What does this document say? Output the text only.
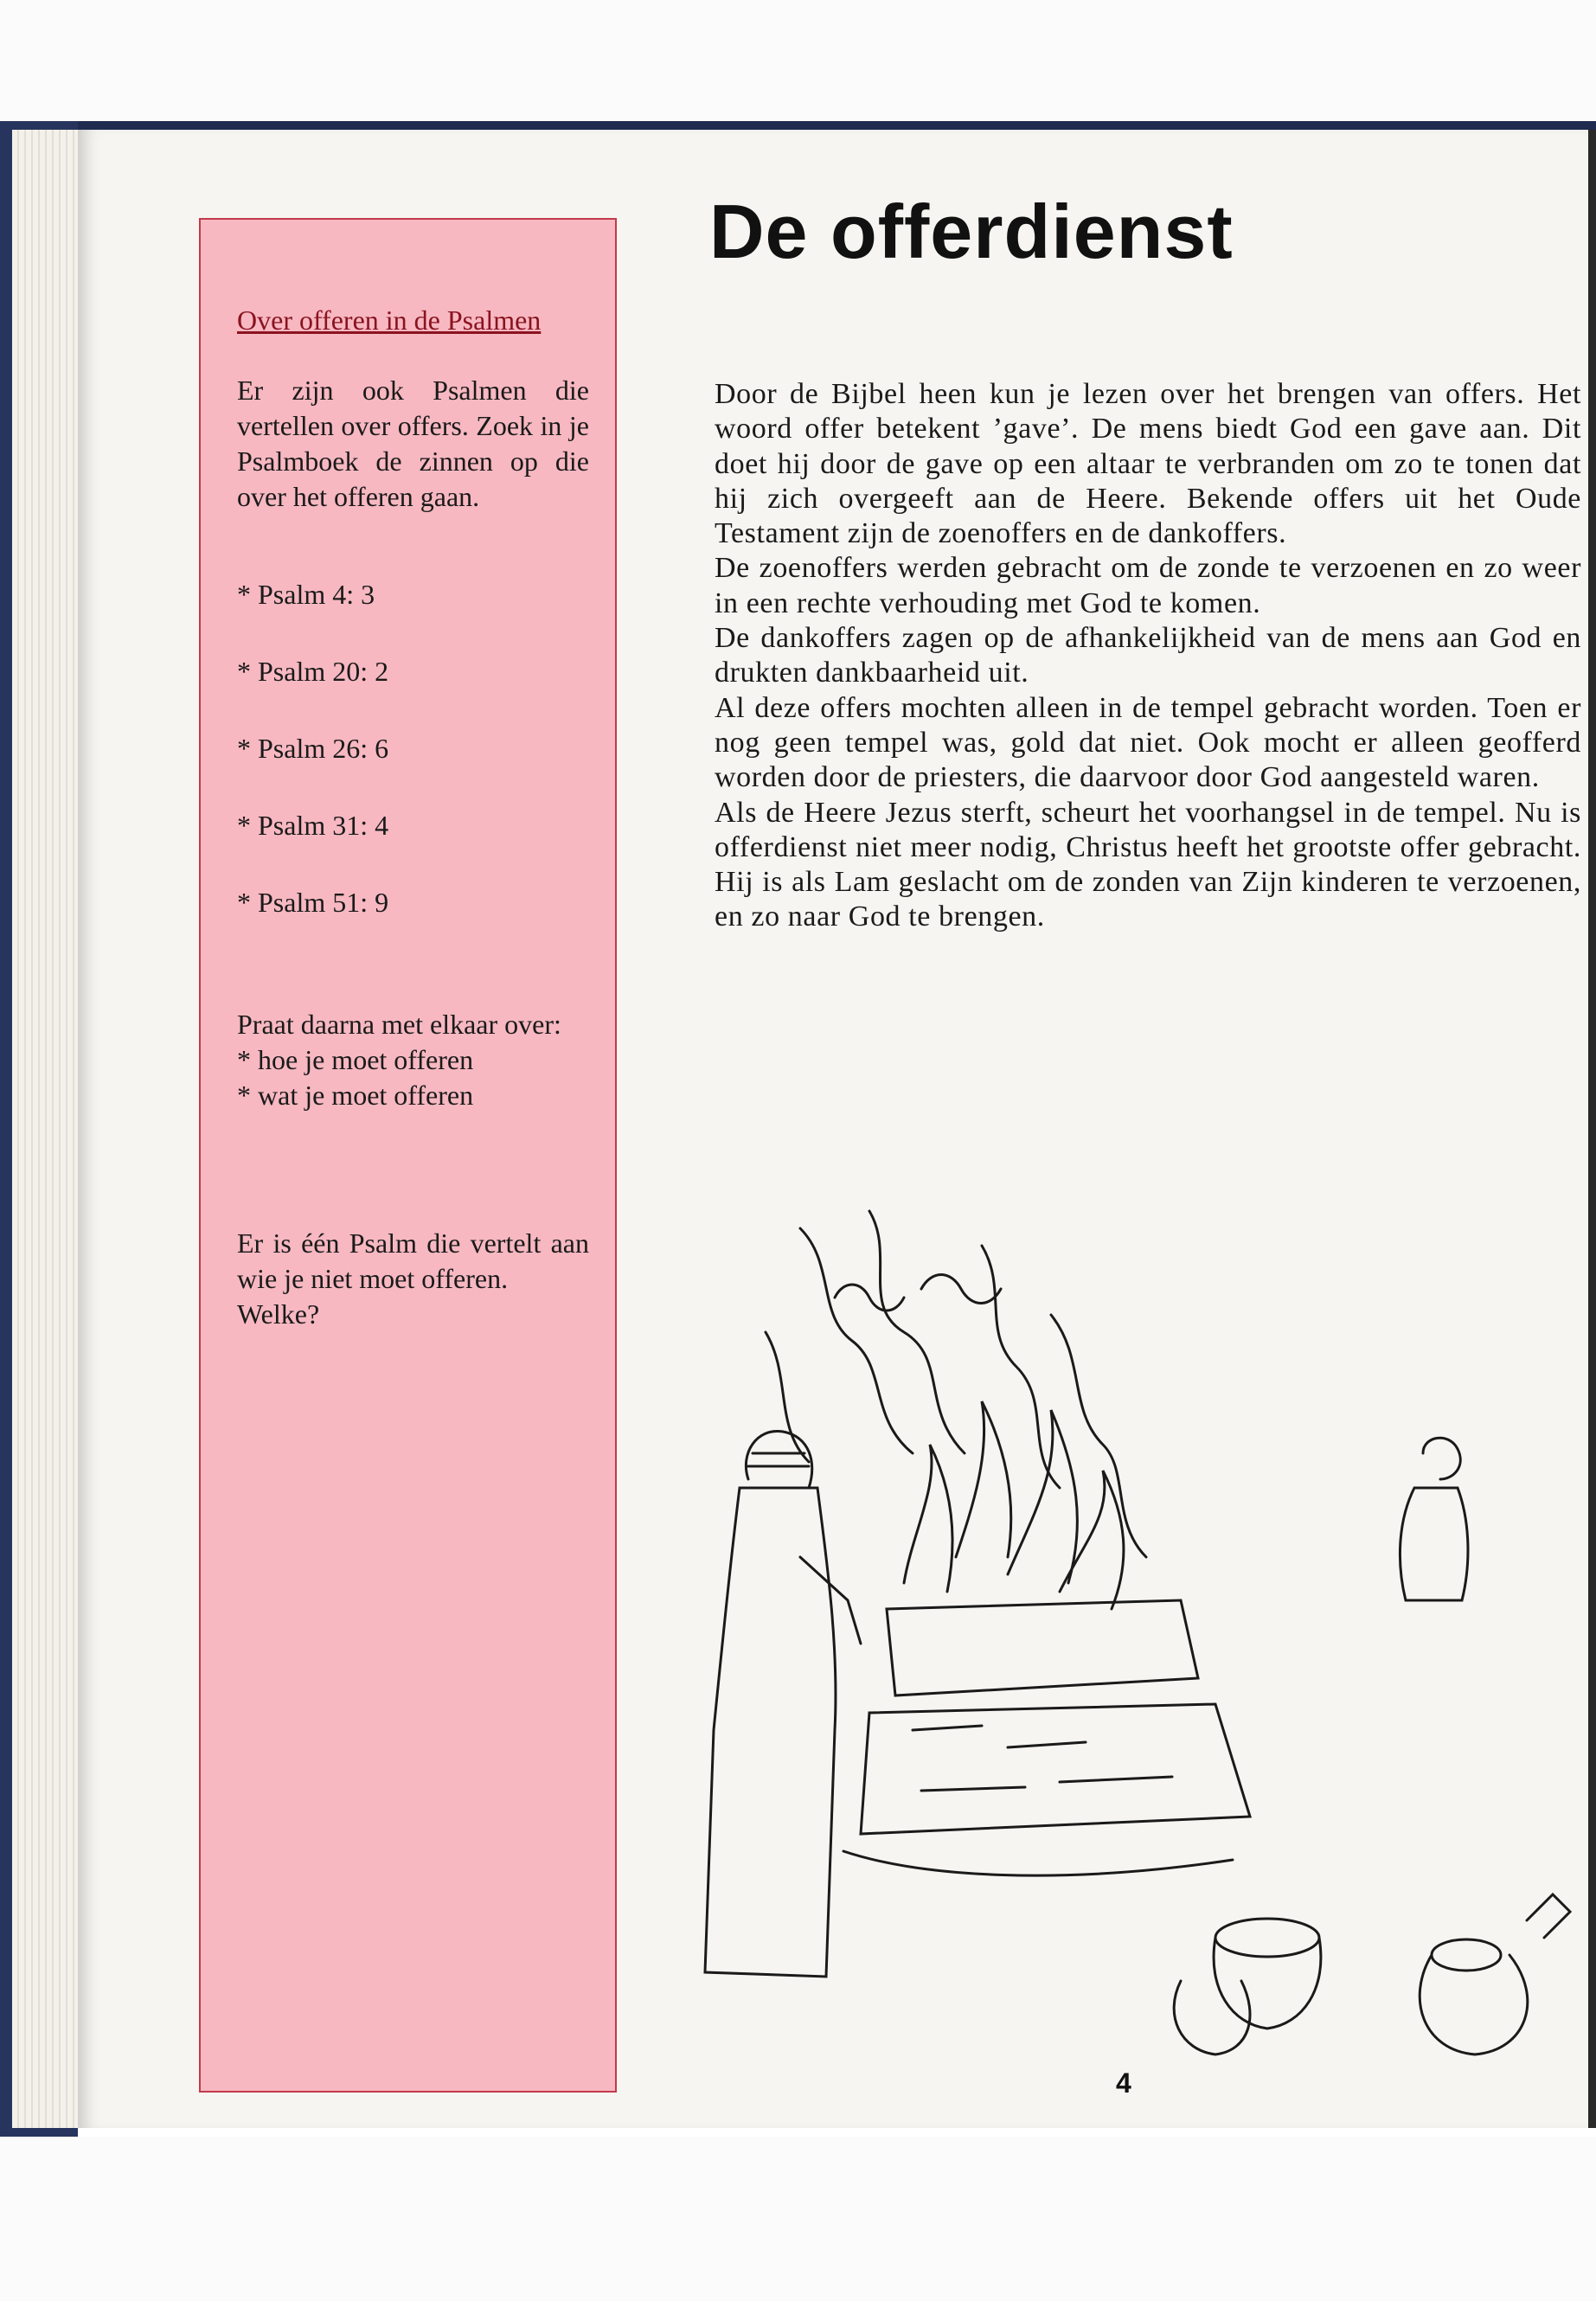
Over offeren in de Psalmen

Er zijn ook Psalmen die vertellen over offers. Zoek in je Psalmboek de zinnen op die over het offeren gaan.

* Psalm 4: 3
* Psalm 20: 2
* Psalm 26: 6
* Psalm 31: 4
* Psalm 51: 9
Praat daarna met elkaar over:
* hoe je moet offeren
* wat je moet offeren

Er is één Psalm die vertelt aan wie je niet moet offeren.

Welke?

De offerdienst

Door de Bijbel heen kun je lezen over het brengen van offers. Het woord offer betekent ’gave’. De mens biedt God een gave aan. Dit doet hij door de gave op een altaar te verbranden om zo te tonen dat hij zich overgeeft aan de Heere. Bekende offers uit het Oude Testament zijn de zoenoffers en de dankoffers.

De zoenoffers werden gebracht om de zonde te verzoenen en zo weer in een rechte verhouding met God te komen.

De dankoffers zagen op de afhankelijkheid van de mens aan God en drukten dankbaarheid uit.

Al deze offers mochten alleen in de tempel gebracht worden. Toen er nog geen tempel was, gold dat niet. Ook mocht er alleen geofferd worden door de priesters, die daarvoor door God aangesteld waren.

Als de Heere Jezus sterft, scheurt het voorhangsel in de tempel. Nu is offerdienst niet meer nodig, Christus heeft het grootste offer gebracht. Hij is als Lam geslacht om de zonden van Zijn kinderen te verzoenen, en zo naar God te brengen.

4
